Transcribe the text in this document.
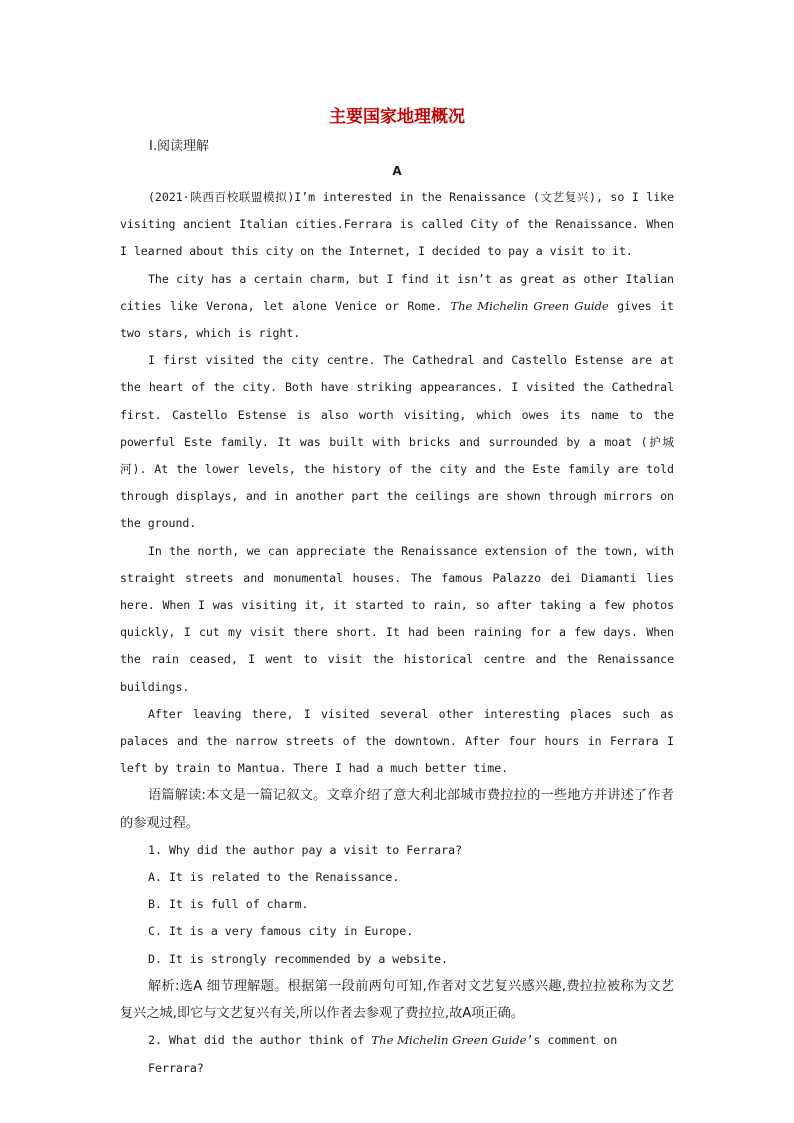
主要国家地理概况
Ⅰ.阅读理解
A

(2021·陕西百校联盟模拟)I’m interested in the Renaissance (文艺复兴), so I like visiting ancient Italian cities.Ferrara is called City of the Renaissance. When I learned about this city on the Internet, I decided to pay a visit to it.

The city has a certain charm, but I find it isn’t as great as other Italian cities like Verona, let alone Venice or Rome. The Michelin Green Guide gives it two stars, which is right.

I first visited the city centre. The Cathedral and Castello Estense are at the heart of the city. Both have striking appearances. I visited the Cathedral first. Castello Estense is also worth visiting, which owes its name to the powerful Este family. It was built with bricks and surrounded by a moat (护城河). At the lower levels, the history of the city and the Este family are told through displays, and in another part the ceilings are shown through mirrors on the ground.

In the north, we can appreciate the Renaissance extension of the town, with straight streets and monumental houses. The famous Palazzo dei Diamanti lies here. When I was visiting it, it started to rain, so after taking a few photos quickly, I cut my visit there short. It had been raining for a few days. When the rain ceased, I went to visit the historical centre and the Renaissance buildings.

After leaving there, I visited several other interesting places such as palaces and the narrow streets of the downtown. After four hours in Ferrara I left by train to Mantua. There I had a much better time.

语篇解读:本文是一篇记叙文。文章介绍了意大利北部城市费拉拉的一些地方并讲述了作者的参观过程。

1. Why did the author pay a visit to Ferrara?

A. It is related to the Renaissance.

B. It is full of charm.

C. It is a very famous city in Europe.

D. It is strongly recommended by a website.

解析:选A 细节理解题。根据第一段前两句可知,作者对文艺复兴感兴趣,费拉拉被称为文艺复兴之城,即它与文艺复兴有关,所以作者去参观了费拉拉,故A项正确。

2. What did the author think of The Michelin Green Guide’s comment on Ferrara?
